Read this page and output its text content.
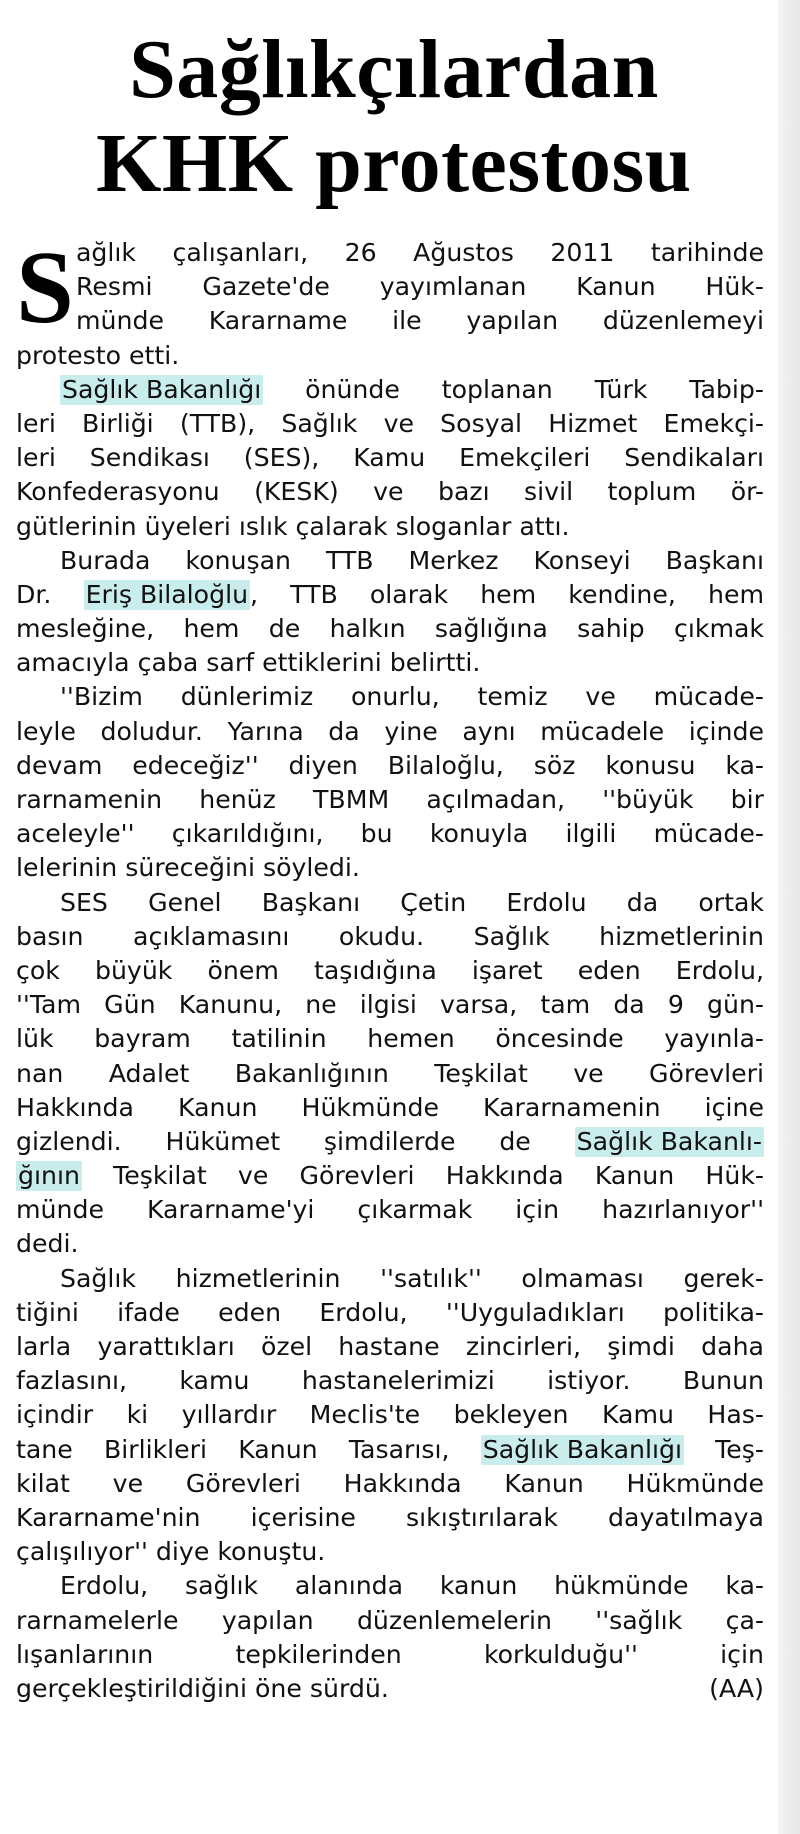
Sağlıkçılardan
KHK protestosu
S ağlık çalışanları, 26 Ağustos 2011 tarihinde
Resmi Gazete'de yayımlanan Kanun Hük-
münde Kararname ile yapılan düzenlemeyi
protesto etti.
Sağlık Bakanlığı önünde toplanan Türk Tabip-
leri Birliği (TTB), Sağlık ve Sosyal Hizmet Emekçi-
leri Sendikası (SES), Kamu Emekçileri Sendikaları
Konfederasyonu (KESK) ve bazı sivil toplum ör-
gütlerinin üyeleri ıslık çalarak sloganlar attı.
Burada konuşan TTB Merkez Konseyi Başkanı
Dr. Eriş Bilaloğlu, TTB olarak hem kendine, hem
mesleğine, hem de halkın sağlığına sahip çıkmak
amacıyla çaba sarf ettiklerini belirtti.
''Bizim dünlerimiz onurlu, temiz ve mücade-
leyle doludur. Yarına da yine aynı mücadele içinde
devam edeceğiz'' diyen Bilaloğlu, söz konusu ka-
rarnamenin henüz TBMM açılmadan, ''büyük bir
aceleyle'' çıkarıldığını, bu konuyla ilgili mücade-
lelerinin süreceğini söyledi.
SES Genel Başkanı Çetin Erdolu da ortak
basın açıklamasını okudu. Sağlık hizmetlerinin
çok büyük önem taşıdığına işaret eden Erdolu,
''Tam Gün Kanunu, ne ilgisi varsa, tam da 9 gün-
lük bayram tatilinin hemen öncesinde yayınla-
nan Adalet Bakanlığının Teşkilat ve Görevleri
Hakkında Kanun Hükmünde Kararnamenin içine
gizlendi. Hükümet şimdilerde de Sağlık Bakanlı-
ğının Teşkilat ve Görevleri Hakkında Kanun Hük-
münde Kararname'yi çıkarmak için hazırlanıyor''
dedi.
Sağlık hizmetlerinin ''satılık'' olmaması gerek-
tiğini ifade eden Erdolu, ''Uyguladıkları politika-
larla yarattıkları özel hastane zincirleri, şimdi daha
fazlasını, kamu hastanelerimizi istiyor. Bunun
içindir ki yıllardır Meclis'te bekleyen Kamu Has-
tane Birlikleri Kanun Tasarısı, Sağlık Bakanlığı Teş-
kilat ve Görevleri Hakkında Kanun Hükmünde
Kararname'nin içerisine sıkıştırılarak dayatılmaya
çalışılıyor'' diye konuştu.
Erdolu, sağlık alanında kanun hükmünde ka-
rarnamelerle yapılan düzenlemelerin ''sağlık ça-
lışanlarının tepkilerinden korkulduğu'' için
gerçekleştirildiğini öne sürdü.	(AA)
